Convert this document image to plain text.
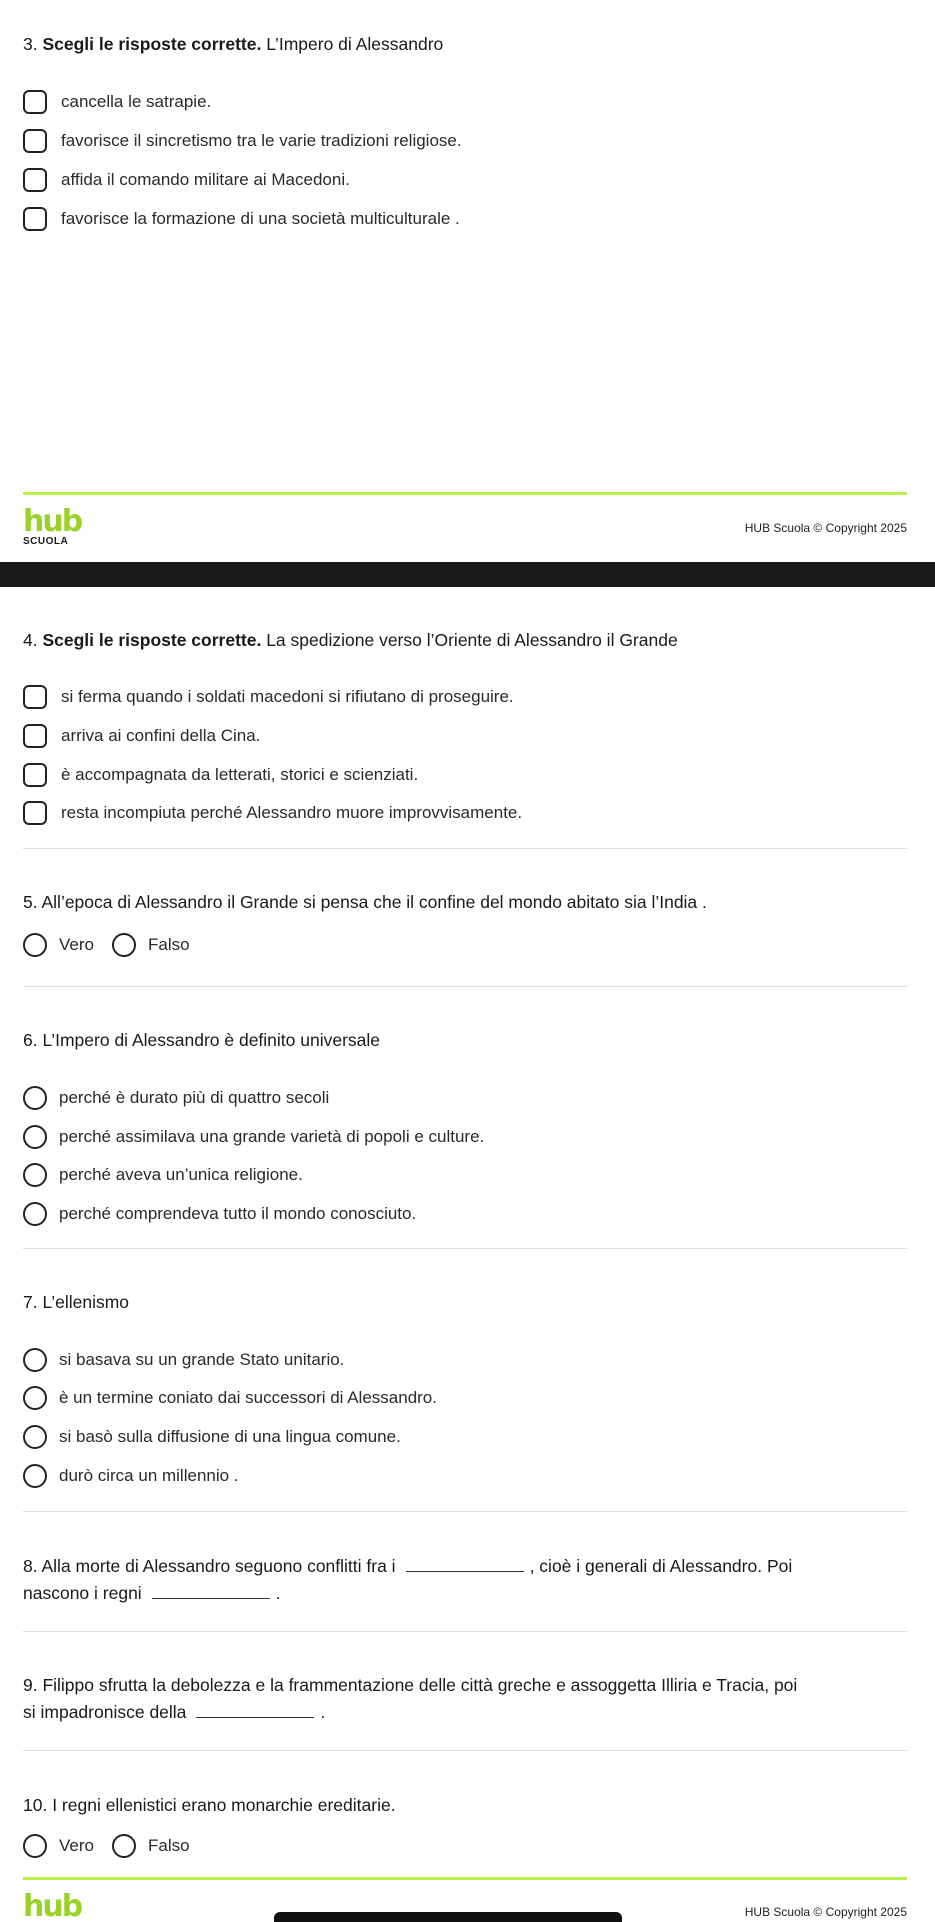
3. Scegli le risposte corrette. L’Impero di Alessandro
cancella le satrapie.
favorisce il sincretismo tra le varie tradizioni religiose.
affida il comando militare ai Macedoni.
favorisce la formazione di una società multiculturale .
hub
SCUOLA
HUB Scuola © Copyright 2025
4. Scegli le risposte corrette. La spedizione verso l’Oriente di Alessandro il Grande
si ferma quando i soldati macedoni si rifiutano di proseguire.
arriva ai confini della Cina.
è accompagnata da letterati, storici e scienziati.
resta incompiuta perché Alessandro muore improvvisamente.
5. All’epoca di Alessandro il Grande si pensa che il confine del mondo abitato sia l’India .
Vero	Falso
6. L’Impero di Alessandro è definito universale
perché è durato più di quattro secoli
perché assimilava una grande varietà di popoli e culture.
perché aveva un’unica religione.
perché comprendeva tutto il mondo conosciuto.
7. L’ellenismo
si basava su un grande Stato unitario.
è un termine coniato dai successori di Alessandro.
si basò sulla diffusione di una lingua comune.
durò circa un millennio .
8. Alla morte di Alessandro seguono conflitti fra i	, cioè i generali di Alessandro. Poi
nascono i regni	.
9. Filippo sfrutta la debolezza e la frammentazione delle città greche e assoggetta Illiria e Tracia, poi
si impadronisce della	.
10. I regni ellenistici erano monarchie ereditarie.
Vero	Falso
hub	HUB Scuola © Copyright 2025
